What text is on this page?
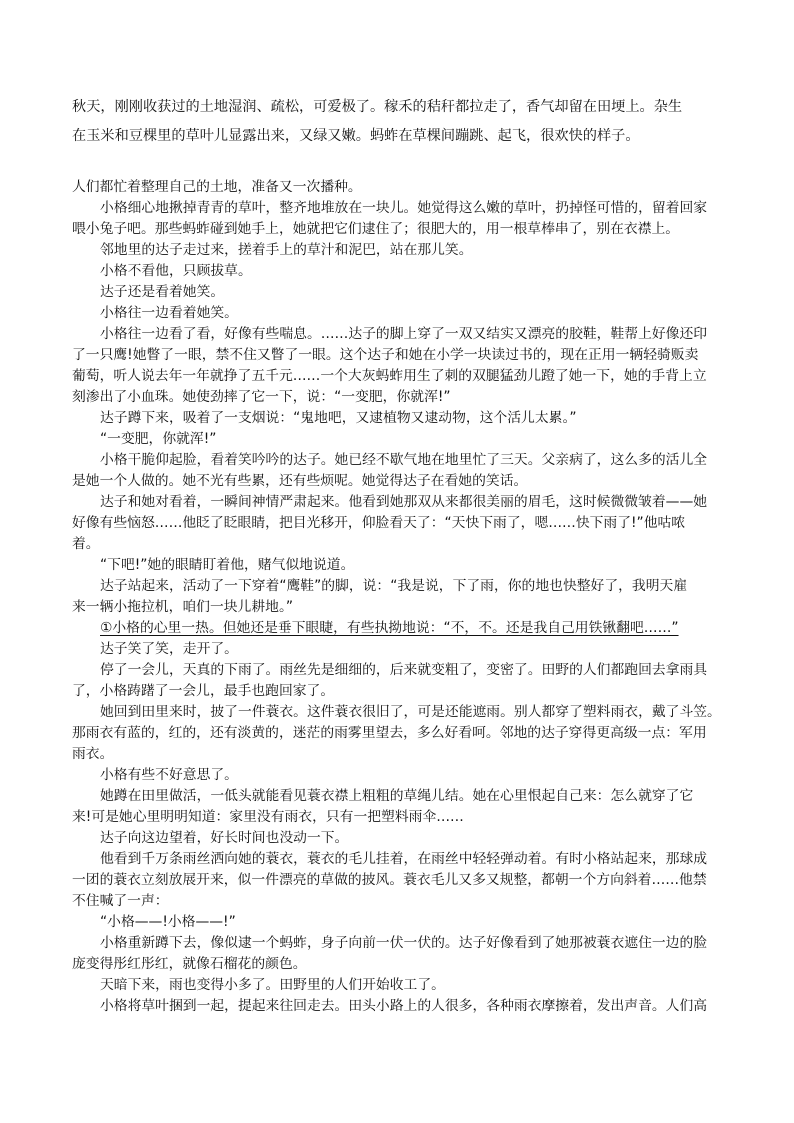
秋天，刚刚收获过的土地湿润、疏松，可爱极了。稼禾的秸秆都拉走了，香气却留在田埂上。杂生
在玉米和豆棵里的草叶儿显露出来，又绿又嫩。蚂蚱在草棵间蹦跳、起飞，很欢快的样子。
人们都忙着整理自己的土地，准备又一次播种。
小格细心地揪掉青青的草叶，整齐地堆放在一块儿。她觉得这么嫩的草叶，扔掉怪可惜的，留着回家
喂小兔子吧。那些蚂蚱碰到她手上，她就把它们逮住了；很肥大的，用一根草棒串了，别在衣襟上。
邻地里的达子走过来，搓着手上的草汁和泥巴，站在那儿笑。
小格不看他，只顾拔草。
达子还是看着她笑。
小格往一边看着她笑。
小格往一边看了看，好像有些喘息。……达子的脚上穿了一双又结实又漂亮的胶鞋，鞋帮上好像还印
了一只鹰!她瞥了一眼，禁不住又瞥了一眼。这个达子和她在小学一块读过书的，现在正用一辆轻骑贩卖
葡萄，听人说去年一年就挣了五千元……一个大灰蚂蚱用生了刺的双腿猛劲儿蹬了她一下，她的手背上立
刻渗出了小血珠。她使劲摔了它一下，说：“一变肥，你就浑!”
达子蹲下来，吸着了一支烟说：“鬼地吧，又逮植物又逮动物，这个活儿太累。”
“一变肥，你就浑!”
小格干脆仰起脸，看着笑吟吟的达子。她已经不歇气地在地里忙了三天。父亲病了，这么多的活儿全
是她一个人做的。她不光有些累，还有些烦呢。她觉得达子在看她的笑话。
达子和她对看着，一瞬间神情严肃起来。他看到她那双从来都很美丽的眉毛，这时候微微皱着——她
好像有些恼怒……他眨了眨眼睛，把目光移开，仰脸看天了：“天快下雨了，嗯……快下雨了!”他咕哝
着。
“下吧!”她的眼睛盯着他，赌气似地说道。
达子站起来，活动了一下穿着“鹰鞋”的脚，说：“我是说，下了雨，你的地也快整好了，我明天雇
来一辆小拖拉机，咱们一块儿耕地。”
①小格的心里一热。但她还是垂下眼睫，有些执拗地说：“不，不。还是我自己用铁锹翻吧……”
达子笑了笑，走开了。
停了一会儿，天真的下雨了。雨丝先是细细的，后来就变粗了，变密了。田野的人们都跑回去拿雨具
了，小格踌躇了一会儿，最手也跑回家了。
她回到田里来时，披了一件蓑衣。这件蓑衣很旧了，可是还能遮雨。别人都穿了塑料雨衣，戴了斗笠。
那雨衣有蓝的，红的，还有淡黄的，迷茫的雨雾里望去，多么好看呵。邻地的达子穿得更高级一点：军用
雨衣。
小格有些不好意思了。
她蹲在田里做活，一低头就能看见蓑衣襟上粗粗的草绳儿结。她在心里恨起自己来：怎么就穿了它
来!可是她心里明明知道：家里没有雨衣，只有一把塑料雨伞……
达子向这边望着，好长时间也没动一下。
他看到千万条雨丝洒向她的蓑衣，蓑衣的毛儿挂着，在雨丝中轻轻弹动着。有时小格站起来，那球成
一团的蓑衣立刻放展开来，似一件漂亮的草做的披风。蓑衣毛儿又多又规整，都朝一个方向斜着……他禁
不住喊了一声：
“小格——!小格——!”
小格重新蹲下去，像似逮一个蚂蚱，身子向前一伏一伏的。达子好像看到了她那被蓑衣遮住一边的脸
庞变得彤红彤红，就像石榴花的颜色。
天暗下来，雨也变得小多了。田野里的人们开始收工了。
小格将草叶捆到一起，提起来往回走去。田头小路上的人很多，各种雨衣摩擦着，发出声音。人们高
